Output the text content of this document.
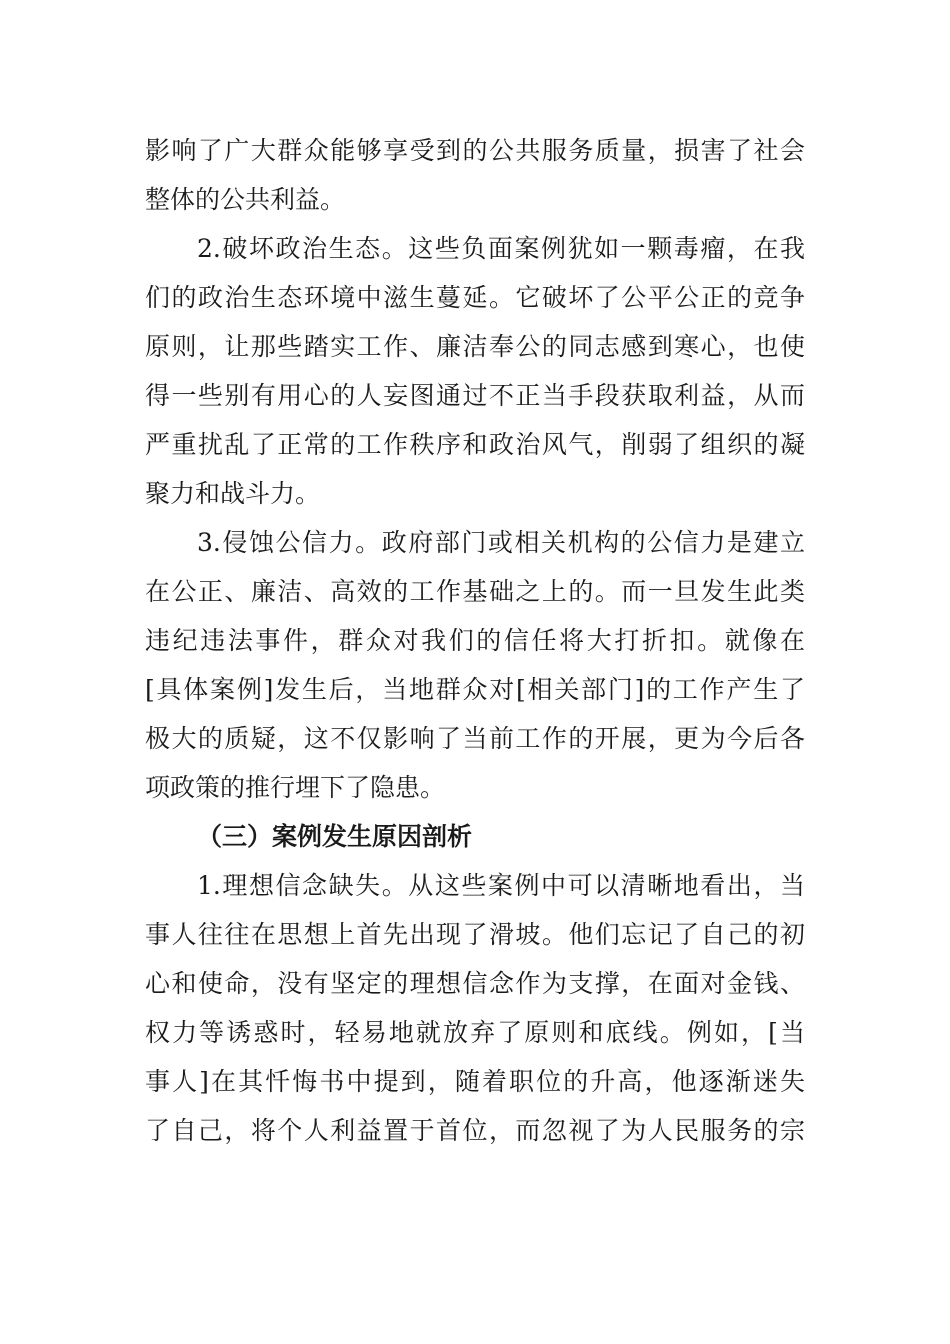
影响了广大群众能够享受到的公共服务质量，损害了社会
整体的公共利益。
2.破坏政治生态。这些负面案例犹如一颗毒瘤，在我
们的政治生态环境中滋生蔓延。它破坏了公平公正的竞争
原则，让那些踏实工作、廉洁奉公的同志感到寒心，也使
得一些别有用心的人妄图通过不正当手段获取利益，从而
严重扰乱了正常的工作秩序和政治风气，削弱了组织的凝
聚力和战斗力。
3.侵蚀公信力。政府部门或相关机构的公信力是建立
在公正、廉洁、高效的工作基础之上的。而一旦发生此类
违纪违法事件，群众对我们的信任将大打折扣。就像在
[具体案例]发生后，当地群众对[相关部门]的工作产生了
极大的质疑，这不仅影响了当前工作的开展，更为今后各
项政策的推行埋下了隐患。
（三）案例发生原因剖析
1.理想信念缺失。从这些案例中可以清晰地看出，当
事人往往在思想上首先出现了滑坡。他们忘记了自己的初
心和使命，没有坚定的理想信念作为支撑，在面对金钱、
权力等诱惑时，轻易地就放弃了原则和底线。例如，[当
事人]在其忏悔书中提到，随着职位的升高，他逐渐迷失
了自己，将个人利益置于首位，而忽视了为人民服务的宗
